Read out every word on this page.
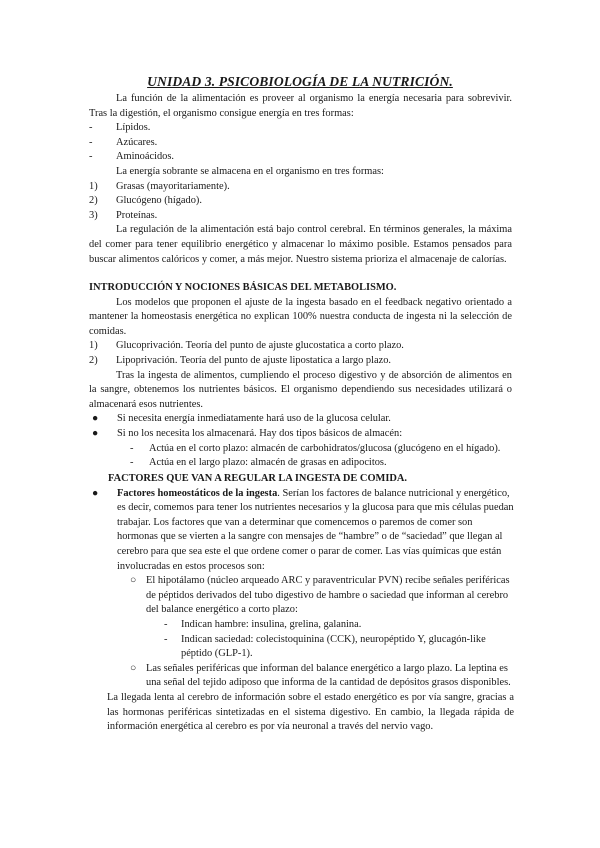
UNIDAD 3. PSICOBIOLOGÍA DE LA NUTRICIÓN.

La función de la alimentación es proveer al organismo la energía necesaria para sobrevivir. Tras la digestión, el organismo consigue energía en tres formas:

- Lípidos.
- Azúcares.
- Aminoácidos.

La energía sobrante se almacena en el organismo en tres formas:

1) Grasas (mayoritariamente).
2) Glucógeno (hígado).
3) Proteínas.

La regulación de la alimentación está bajo control cerebral. En términos generales, la máxima del comer para tener equilibrio energético y almacenar lo máximo posible. Estamos pensados para buscar alimentos calóricos y comer, a más mejor. Nuestro sistema prioriza el almacenaje de calorías.

INTRODUCCIÓN Y NOCIONES BÁSICAS DEL METABOLISMO.

Los modelos que proponen el ajuste de la ingesta basado en el feedback negativo orientado a mantener la homeostasis energética no explican 100% nuestra conducta de ingesta ni la selección de comidas.

1) Glucoprivación. Teoría del punto de ajuste glucostatica a corto plazo.
2) Lipoprivación. Teoría del punto de ajuste lipostatica a largo plazo.

Tras la ingesta de alimentos, cumpliendo el proceso digestivo y de absorción de alimentos en la sangre, obtenemos los nutrientes básicos. El organismo dependiendo sus necesidades utilizará o almacenará esos nutrientes.

●	Si necesita energía inmediatamente hará uso de la glucosa celular.
●	Si no los necesita los almacenará. Hay dos tipos básicos de almacén:
-	Actúa en el corto plazo: almacén de carbohidratos/glucosa (glucógeno en el hígado).
-	Actúa en el largo plazo: almacén de grasas en adipocitos.

FACTORES QUE VAN A REGULAR LA INGESTA DE COMIDA.

●	Factores homeostáticos de la ingesta. Serían los factores de balance nutricional y energético, es decir, comemos para tener los nutrientes necesarios y la glucosa para que mis células puedan trabajar. Los factores que van a determinar que comencemos o paremos de comer son hormonas que se vierten a la sangre con mensajes de “hambre” o de “saciedad” que llegan al cerebro para que sea este el que ordene comer o parar de comer. Las vías químicas que están involucradas en estos procesos son:
○ El hipotálamo (núcleo arqueado ARC y paraventricular PVN) recibe señales periféricas de péptidos derivados del tubo digestivo de hambre o saciedad que informan al cerebro del balance energético a corto plazo:
-	Indican hambre: insulina, grelina, galanina.
-	Indican saciedad: colecistoquinina (CCK), neuropéptido Y, glucagón-like péptido (GLP-1).
○ Las señales periféricas que informan del balance energético a largo plazo. La leptina es una señal del tejido adiposo que informa de la cantidad de depósitos grasos disponibles.

La llegada lenta al cerebro de información sobre el estado energético es por vía sangre, gracias a las hormonas periféricas sintetizadas en el sistema digestivo. En cambio, la llegada rápida de información energética al cerebro es por vía neuronal a través del nervio vago.
